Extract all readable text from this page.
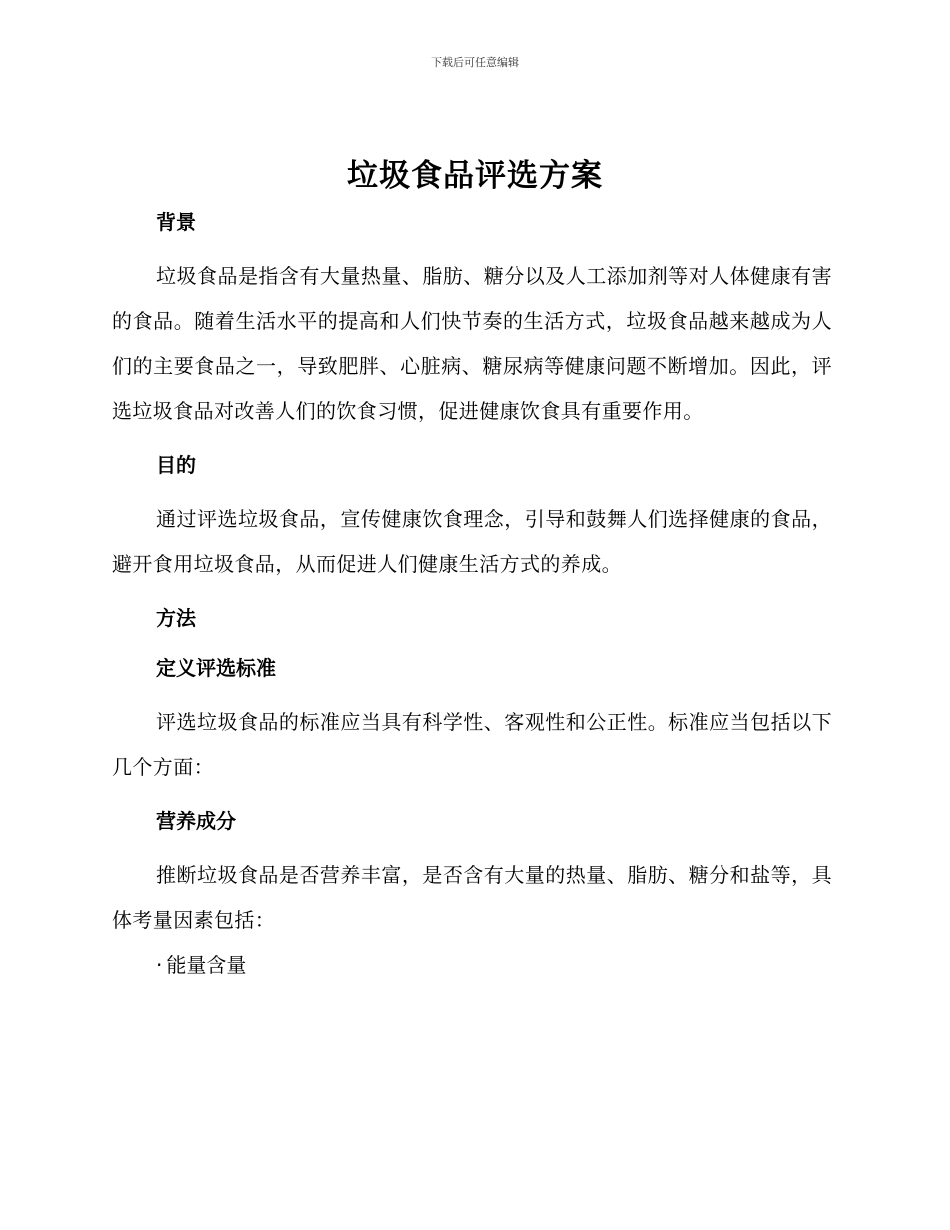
下载后可任意编辑
垃圾食品评选方案

背景

垃圾食品是指含有大量热量、脂肪、糖分以及人工添加剂等对人体健康有害的食品。随着生活水平的提高和人们快节奏的生活方式，垃圾食品越来越成为人们的主要食品之一，导致肥胖、心脏病、糖尿病等健康问题不断增加。因此，评选垃圾食品对改善人们的饮食习惯，促进健康饮食具有重要作用。

目的

通过评选垃圾食品，宣传健康饮食理念，引导和鼓舞人们选择健康的食品，避开食用垃圾食品，从而促进人们健康生活方式的养成。

方法

定义评选标准

评选垃圾食品的标准应当具有科学性、客观性和公正性。标准应当包括以下几个方面：

营养成分

推断垃圾食品是否营养丰富，是否含有大量的热量、脂肪、糖分和盐等，具体考量因素包括：

· 能量含量
